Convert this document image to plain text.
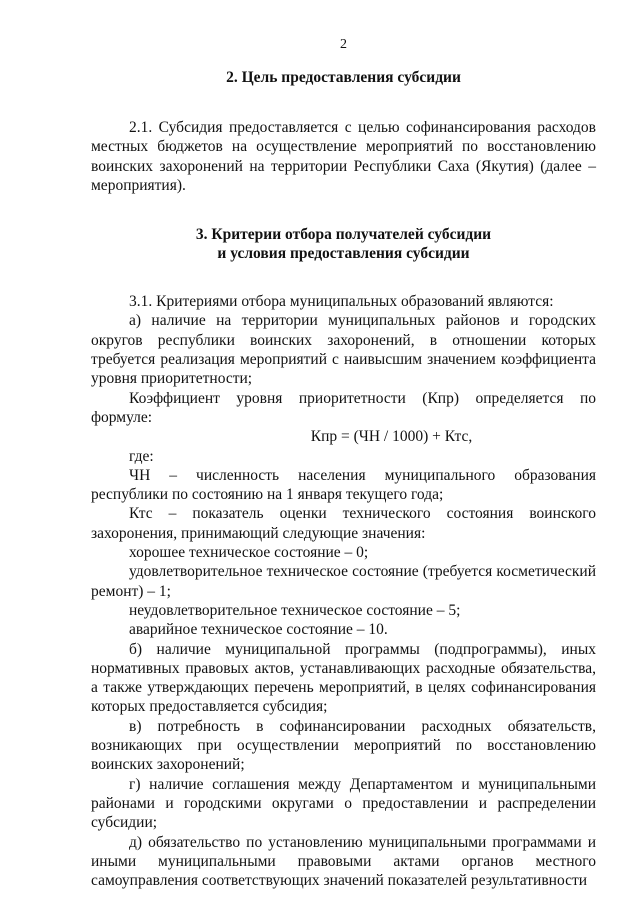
2
2. Цель предоставления субсидии

2.1. Субсидия предоставляется с целью софинансирования расходов местных бюджетов на осуществление мероприятий по восстановлению воинских захоронений на территории Республики Саха (Якутия) (далее – мероприятия).

3. Критерии отбора получателей субсидии
и условия предоставления субсидии

3.1. Критериями отбора муниципальных образований являются:

а) наличие на территории муниципальных районов и городских округов республики воинских захоронений, в отношении которых требуется реализация мероприятий с наивысшим значением коэффициента уровня приоритетности;

Коэффициент уровня приоритетности (Кпр) определяется по формуле:

Кпр = (ЧН / 1000) + Ктс,

где:

ЧН – численность населения муниципального образования республики по состоянию на 1 января текущего года;

Ктс – показатель оценки технического состояния воинского захоронения, принимающий следующие значения:

хорошее техническое состояние – 0;

удовлетворительное техническое состояние (требуется косметический ремонт) – 1;

неудовлетворительное техническое состояние – 5;

аварийное техническое состояние – 10.

б) наличие муниципальной программы (подпрограммы), иных нормативных правовых актов, устанавливающих расходные обязательства, а также утверждающих перечень мероприятий, в целях софинансирования которых предоставляется субсидия;

в) потребность в софинансировании расходных обязательств, возникающих при осуществлении мероприятий по восстановлению воинских захоронений;

г) наличие соглашения между Департаментом и муниципальными районами и городскими округами о предоставлении и распределении субсидии;

д) обязательство по установлению муниципальными программами и иными муниципальными правовыми актами органов местного самоуправления соответствующих значений показателей результативности
